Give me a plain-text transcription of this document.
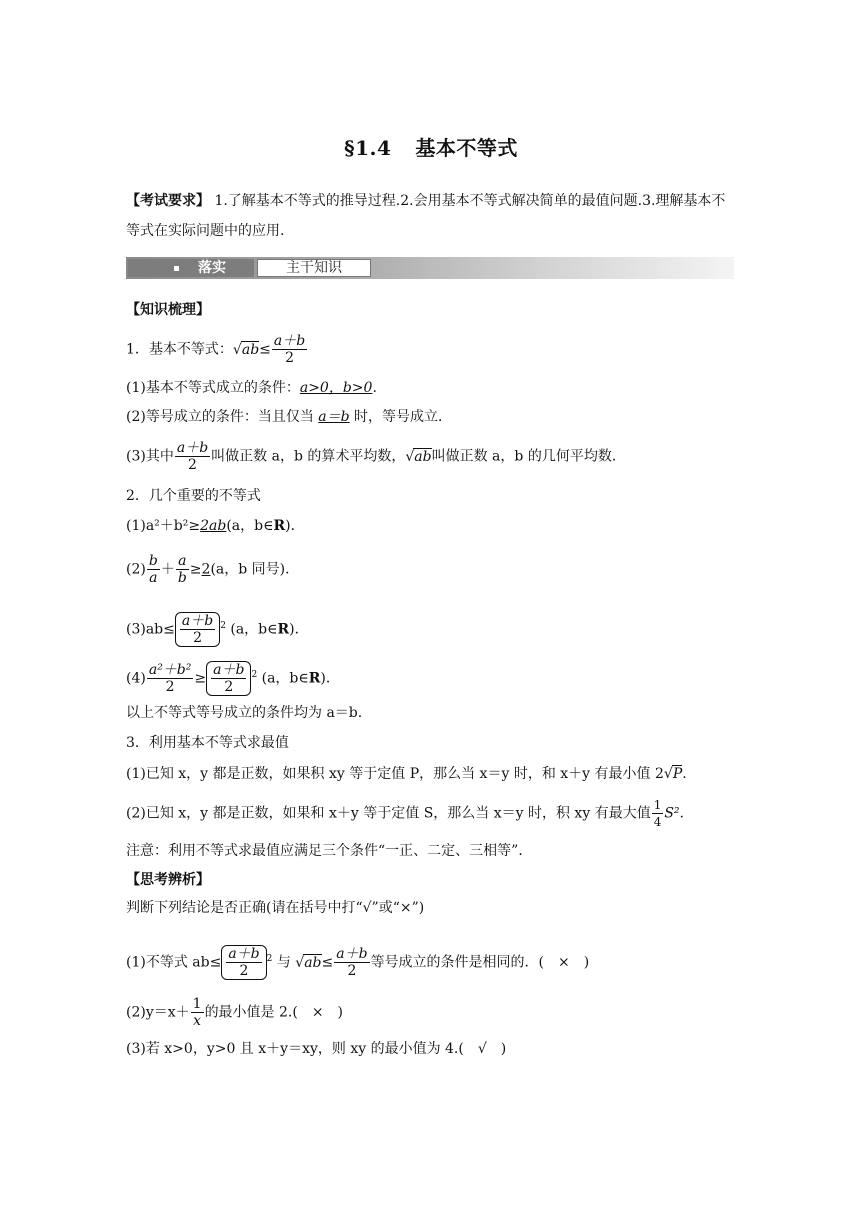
§1.4 基本不等式
【考试要求】 1.了解基本不等式的推导过程.2.会用基本不等式解决简单的最值问题.3.理解基本不等式在实际问题中的应用.
落实	主干知识
【知识梳理】
1．基本不等式：$√ab\le \frac{a+b}{2}$
(1)基本不等式成立的条件：a>0，b>0.
(2)等号成立的条件：当且仅当 a＝b 时，等号成立．
(3)其中 $\frac{a+b}{2}$ 叫做正数 a，b 的算术平均数，√ab叫做正数 a，b 的几何平均数．
2．几个重要的不等式
(1)a²＋b²≥2ab(a，b∈R)．
$(2) \frac{b}{a} + \frac{a}{b} \ge 2(a$，b 同号)．
$(3)ab\le \frac{a+b}{2} ^2$ (a，b∈R)．
$(4) \frac{\text{a²＋b²}}{2} \ge \frac{a+b}{2} ^2$ (a，b∈R)．
以上不等式等号成立的条件均为 a＝b.
3．利用基本不等式求最值
(1)已知 x，y 都是正数，如果积 xy 等于定值 P，那么当 x＝y 时，和 x＋y 有最小值 2√P.
(2)已知 x，y 都是正数，如果和 x＋y 等于定值 S，那么当 x＝y 时，积 xy 有最大值 $\frac{1}{4} S^2$.
注意：利用不等式求最值应满足三个条件“一正、二定、三相等”．
【思考辨析】
判断下列结论是否正确(请在括号中打“√”或“×”)
(1)不等式 $ab\le \frac{a+b}{2} ^2$ 与 $√ab\le \frac{a+b}{2}$ 等号成立的条件是相同的．(　×　)
$(2)y=x+ \frac{1}{x}$ 的最小值是 2.(　×　)
(3)若 x>0，y>0 且 x＋y＝xy，则 xy 的最小值为 4.(　√　)
